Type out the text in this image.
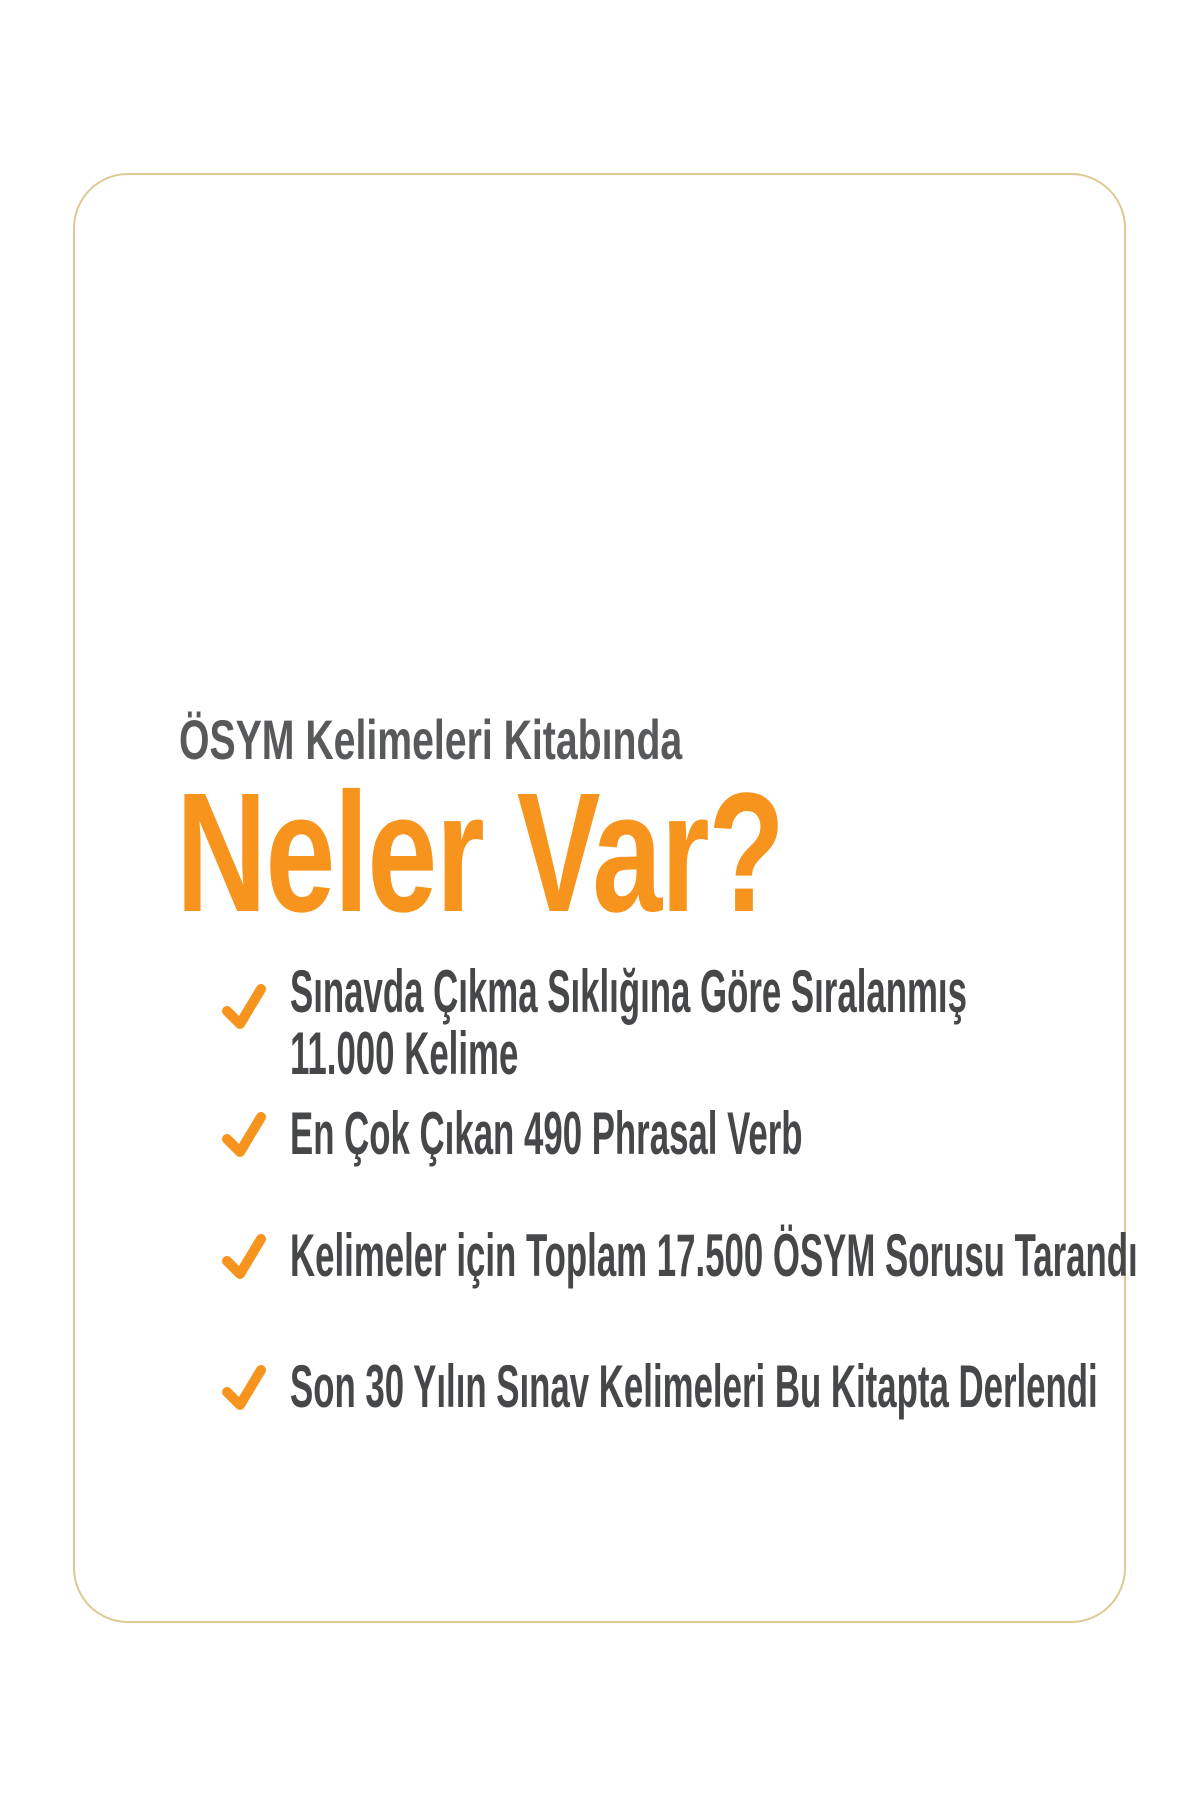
ÖSYM Kelimeleri Kitabında
Neler Var?
Sınavda Çıkma Sıklığına Göre Sıralanmış
11.000 Kelime
En Çok Çıkan 490 Phrasal Verb
Kelimeler için Toplam 17.500 ÖSYM Sorusu Tarandı
Son 30 Yılın Sınav Kelimeleri Bu Kitapta Derlendi
